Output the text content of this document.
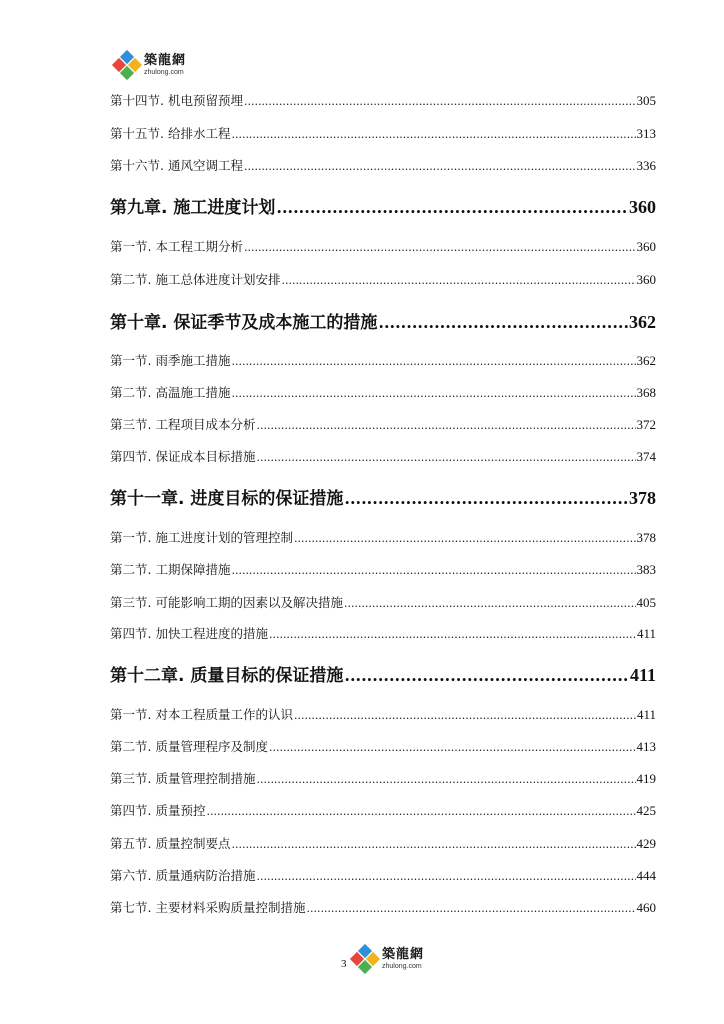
築龍網
zhulong.com
第十四节. 机电预留预埋 .....	305
第十五节. 给排水工程 .....	313
第十六节. 通风空调工程 .....	336
第九章. 施工进度计划 .....	360
第一节. 本工程工期分析 .....	360
第二节. 施工总体进度计划安排 .....	360
第十章. 保证季节及成本施工的措施 .....	362
第一节. 雨季施工措施 .....	362
第二节. 高温施工措施 .....	368
第三节. 工程项目成本分析 .....	372
第四节. 保证成本目标措施 .....	374
第十一章. 进度目标的保证措施 .....	378
第一节. 施工进度计划的管理控制 .....	378
第二节. 工期保障措施 .....	383
第三节. 可能影响工期的因素以及解决措施 .....	405
第四节. 加快工程进度的措施 .....	411
第十二章. 质量目标的保证措施 .....	411
第一节. 对本工程质量工作的认识 .....	411
第二节. 质量管理程序及制度 .....	413
第三节. 质量管理控制措施 .....	419
第四节. 质量预控 .....	425
第五节. 质量控制要点 .....	429
第六节. 质量通病防治措施 .....	444
第七节. 主要材料采购质量控制措施 .....	460
3
築龍網
zhulong.com
